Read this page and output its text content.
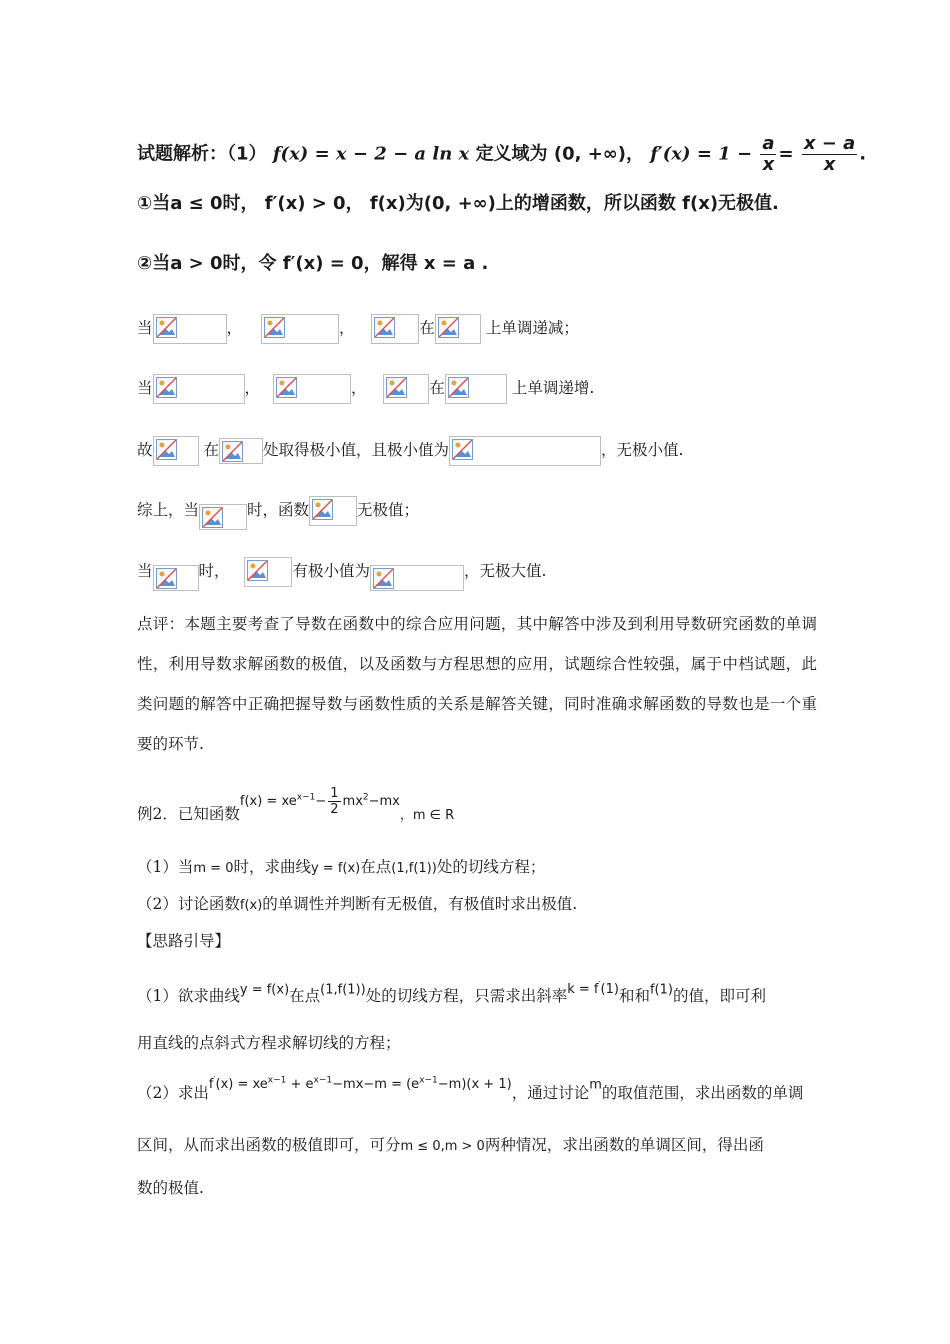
试题解析：（1） f(x) = x − 2 − a ln x 定义域为 (0, +∞)， $f'(x) = 1 - \frac{a}{x} = \frac{x - a}{x}$ .
①当a ≤ 0时， f′(x) > 0， f(x)为(0, +∞)上的增函数，所以函数 f(x)无极值.
②当a > 0时，令 f′(x) = 0，解得 x = a .
当	，	，	在	上单调递减；
当	，	，	在	上单调递增.
故	在	处取得极小值，且极小值为	，无极小值.
综上，当	时，函数	无极值；
当	时，	有极小值为	，无极大值.
点评：本题主要考查了导数在函数中的综合应用问题，其中解答中涉及到利用导数研究函数的单调性，利用导数求解函数的极值，以及函数与方程思想的应用，试题综合性较强，属于中档试题，此类问题的解答中正确把握导数与函数性质的关系是解答关键，同时准确求解函数的导数也是一个重要的环节.
例2．已知函数$^{f(x) = xe^{x-1}- \frac{1}{2} mx^2-mx}_{,m \in R}$
（1）当m = 0时，求曲线y = f(x)在点(1,f(1))处的切线方程；
（2）讨论函数f(x)的单调性并判断有无极值，有极值时求出极值.
【思路引导】
（1）欲求曲线y = f(x)在点(1,f(1))处的切线方程，只需求出斜率k = f′(1)和和f(1)的值，即可利
用直线的点斜式方程求解切线的方程；
（2）求出$f'(x) = xe^{x-1} + e^{x-1}-mx-m = (e^{x-1}-m)(x + 1)$，通过讨论m的取值范围，求出函数的单调
区间，从而求出函数的极值即可，可分m ≤ 0,m > 0两种情况，求出函数的单调区间，得出函
数的极值.
